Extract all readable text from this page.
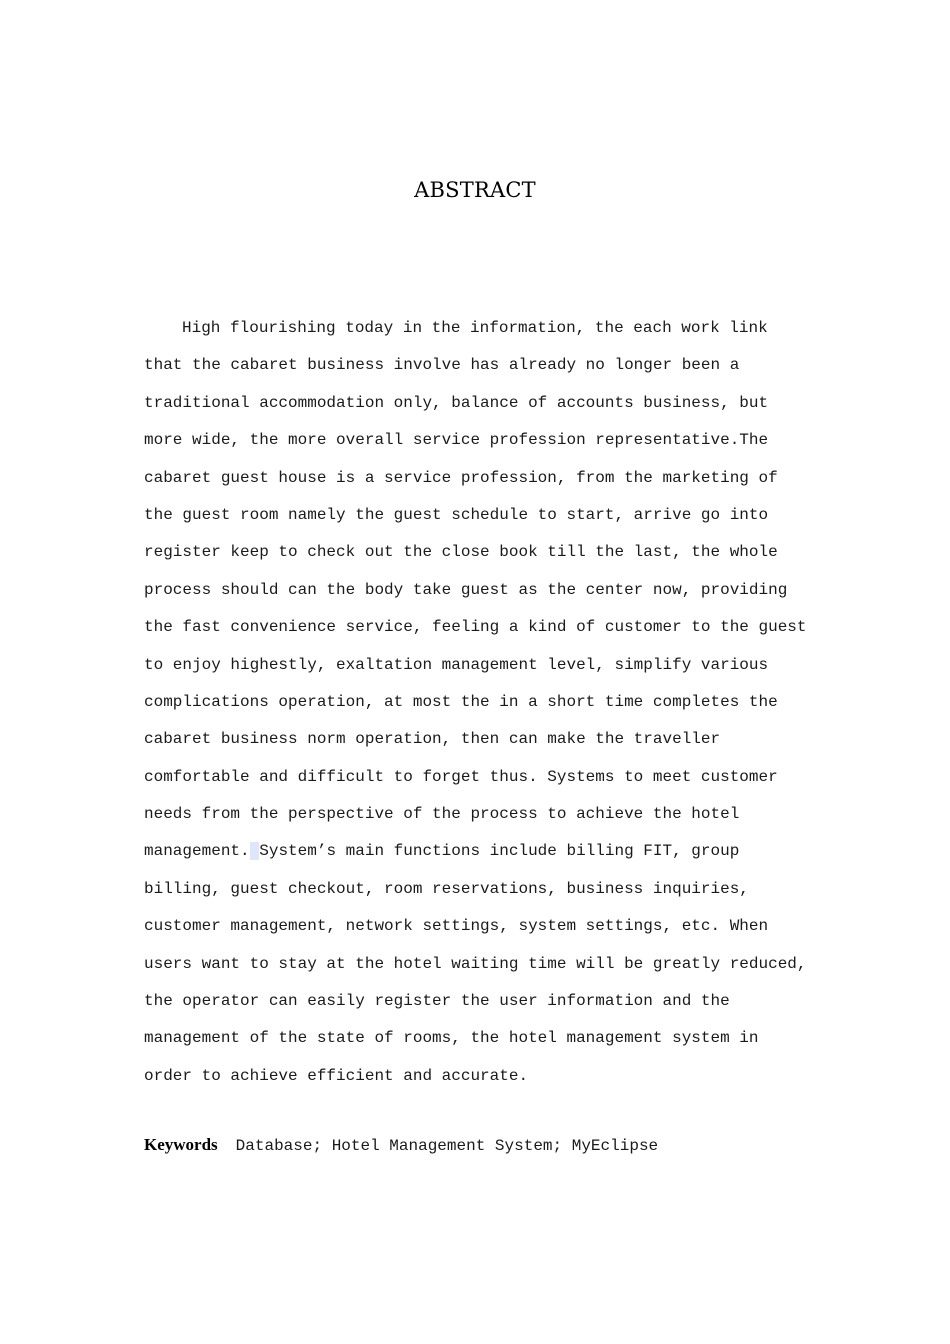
ABSTRACT
High flourishing today in the information, the each work link
that the cabaret business involve has already no longer been a
traditional accommodation only, balance of accounts business, but
more wide, the more overall service profession representative.The
cabaret guest house is a service profession, from the marketing of
the guest room namely the guest schedule to start, arrive go into
register keep to check out the close book till the last, the whole
process should can the body take guest as the center now, providing
the fast convenience service, feeling a kind of customer to the guest
to enjoy highestly, exaltation management level, simplify various
complications operation, at most the in a short time completes the
cabaret business norm operation, then can make the traveller
comfortable and difficult to forget thus. Systems to meet customer
needs from the perspective of the process to achieve the hotel
management. System’s main functions include billing FIT, group
billing, guest checkout, room reservations, business inquiries,
customer management, network settings, system settings, etc. When
users want to stay at the hotel waiting time will be greatly reduced,
the operator can easily register the user information and the
management of the state of rooms, the hotel management system in
order to achieve efficient and accurate.
Keywords Database; Hotel Management System; MyEclipse
